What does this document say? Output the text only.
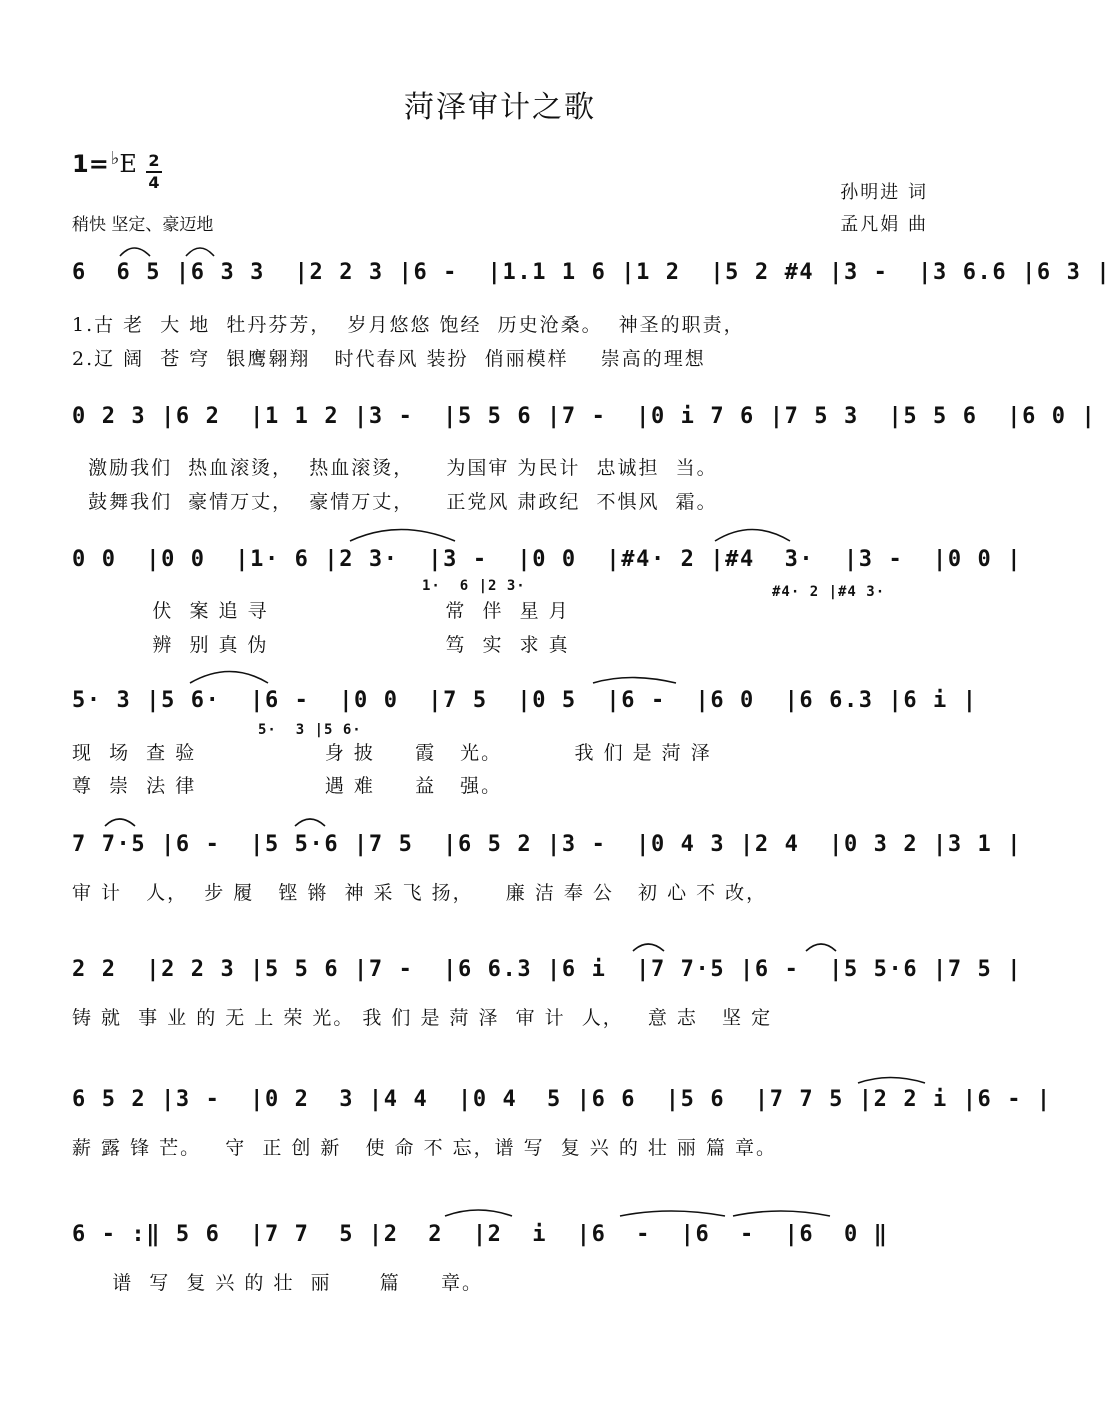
菏泽审计之歌
1= ♭E 2
4
稍快 坚定、豪迈地
孙明进 词
孟凡娟 曲
6  6 5 |6 3 3  |2 2 3 |6 -  |1.1 1 6 |1 2  |5 2 #4 |3 -  |3 6.6 |6 3 |
1.古 老  大 地  牡丹芬芳，  岁月悠悠 饱经  历史沧桑。  神圣的职责，
2.辽 阔  苍 穹  银鹰翱翔   时代春风 装扮  俏丽模样    崇高的理想
0 2 3 |6 2  |1 1 2 |3 -  |5 5 6 |7 -  |0 i 7 6 |7 5 3  |5 5 6  |6 0 |
激励我们  热血滚烫，  热血滚烫，    为国审 为民计  忠诚担  当。
鼓舞我们  豪情万丈，  豪情万丈，    正党风 肃政纪  不惧风  霜。
0 0  |0 0  |1· 6 |2 3·  |3 -  |0 0  |#4· 2 |#4  3·  |3 -  |0 0 |
1·  6 |2 3·	#4· 2 |#4 3·
伏  案 追 寻                      常  伴  星 月
辨  别 真 伪                      笃  实  求 真
5· 3 |5 6·  |6 -  |0 0  |7 5  |0 5  |6 -  |6 0  |6 6.3 |6 i |
5·  3 |5 6·
现  场  查 验                身 披     霞   光。         我 们 是 菏 泽
尊  崇  法 律                遇 难     益   强。
7 7·5 |6 -  |5 5·6 |7 5  |6 5 2 |3 -  |0 4 3 |2 4  |0 3 2 |3 1 |
审 计   人，  步 履   铿 锵  神 采 飞 扬，    廉 洁 奉 公   初 心 不 改，
2 2  |2 2 3 |5 5 6 |7 -  |6 6.3 |6 i  |7 7·5 |6 -  |5 5·6 |7 5 |
铸 就  事 业 的 无 上 荣 光。 我 们 是 菏 泽  审 计  人，   意 志   坚 定
6 5 2 |3 -  |0 2  3 |4 4  |0 4  5 |6 6  |5 6  |7 7 5 |2 2 i |6 - |
薪 露 锋 芒。   守  正 创 新   使 命 不 忘，谱 写  复 兴 的 壮 丽 篇 章。
6 - :‖ 5 6  |7 7  5 |2  2  |2  i  |6  -  |6  -  |6  0 ‖
谱  写  复 兴 的 壮  丽      篇     章。
